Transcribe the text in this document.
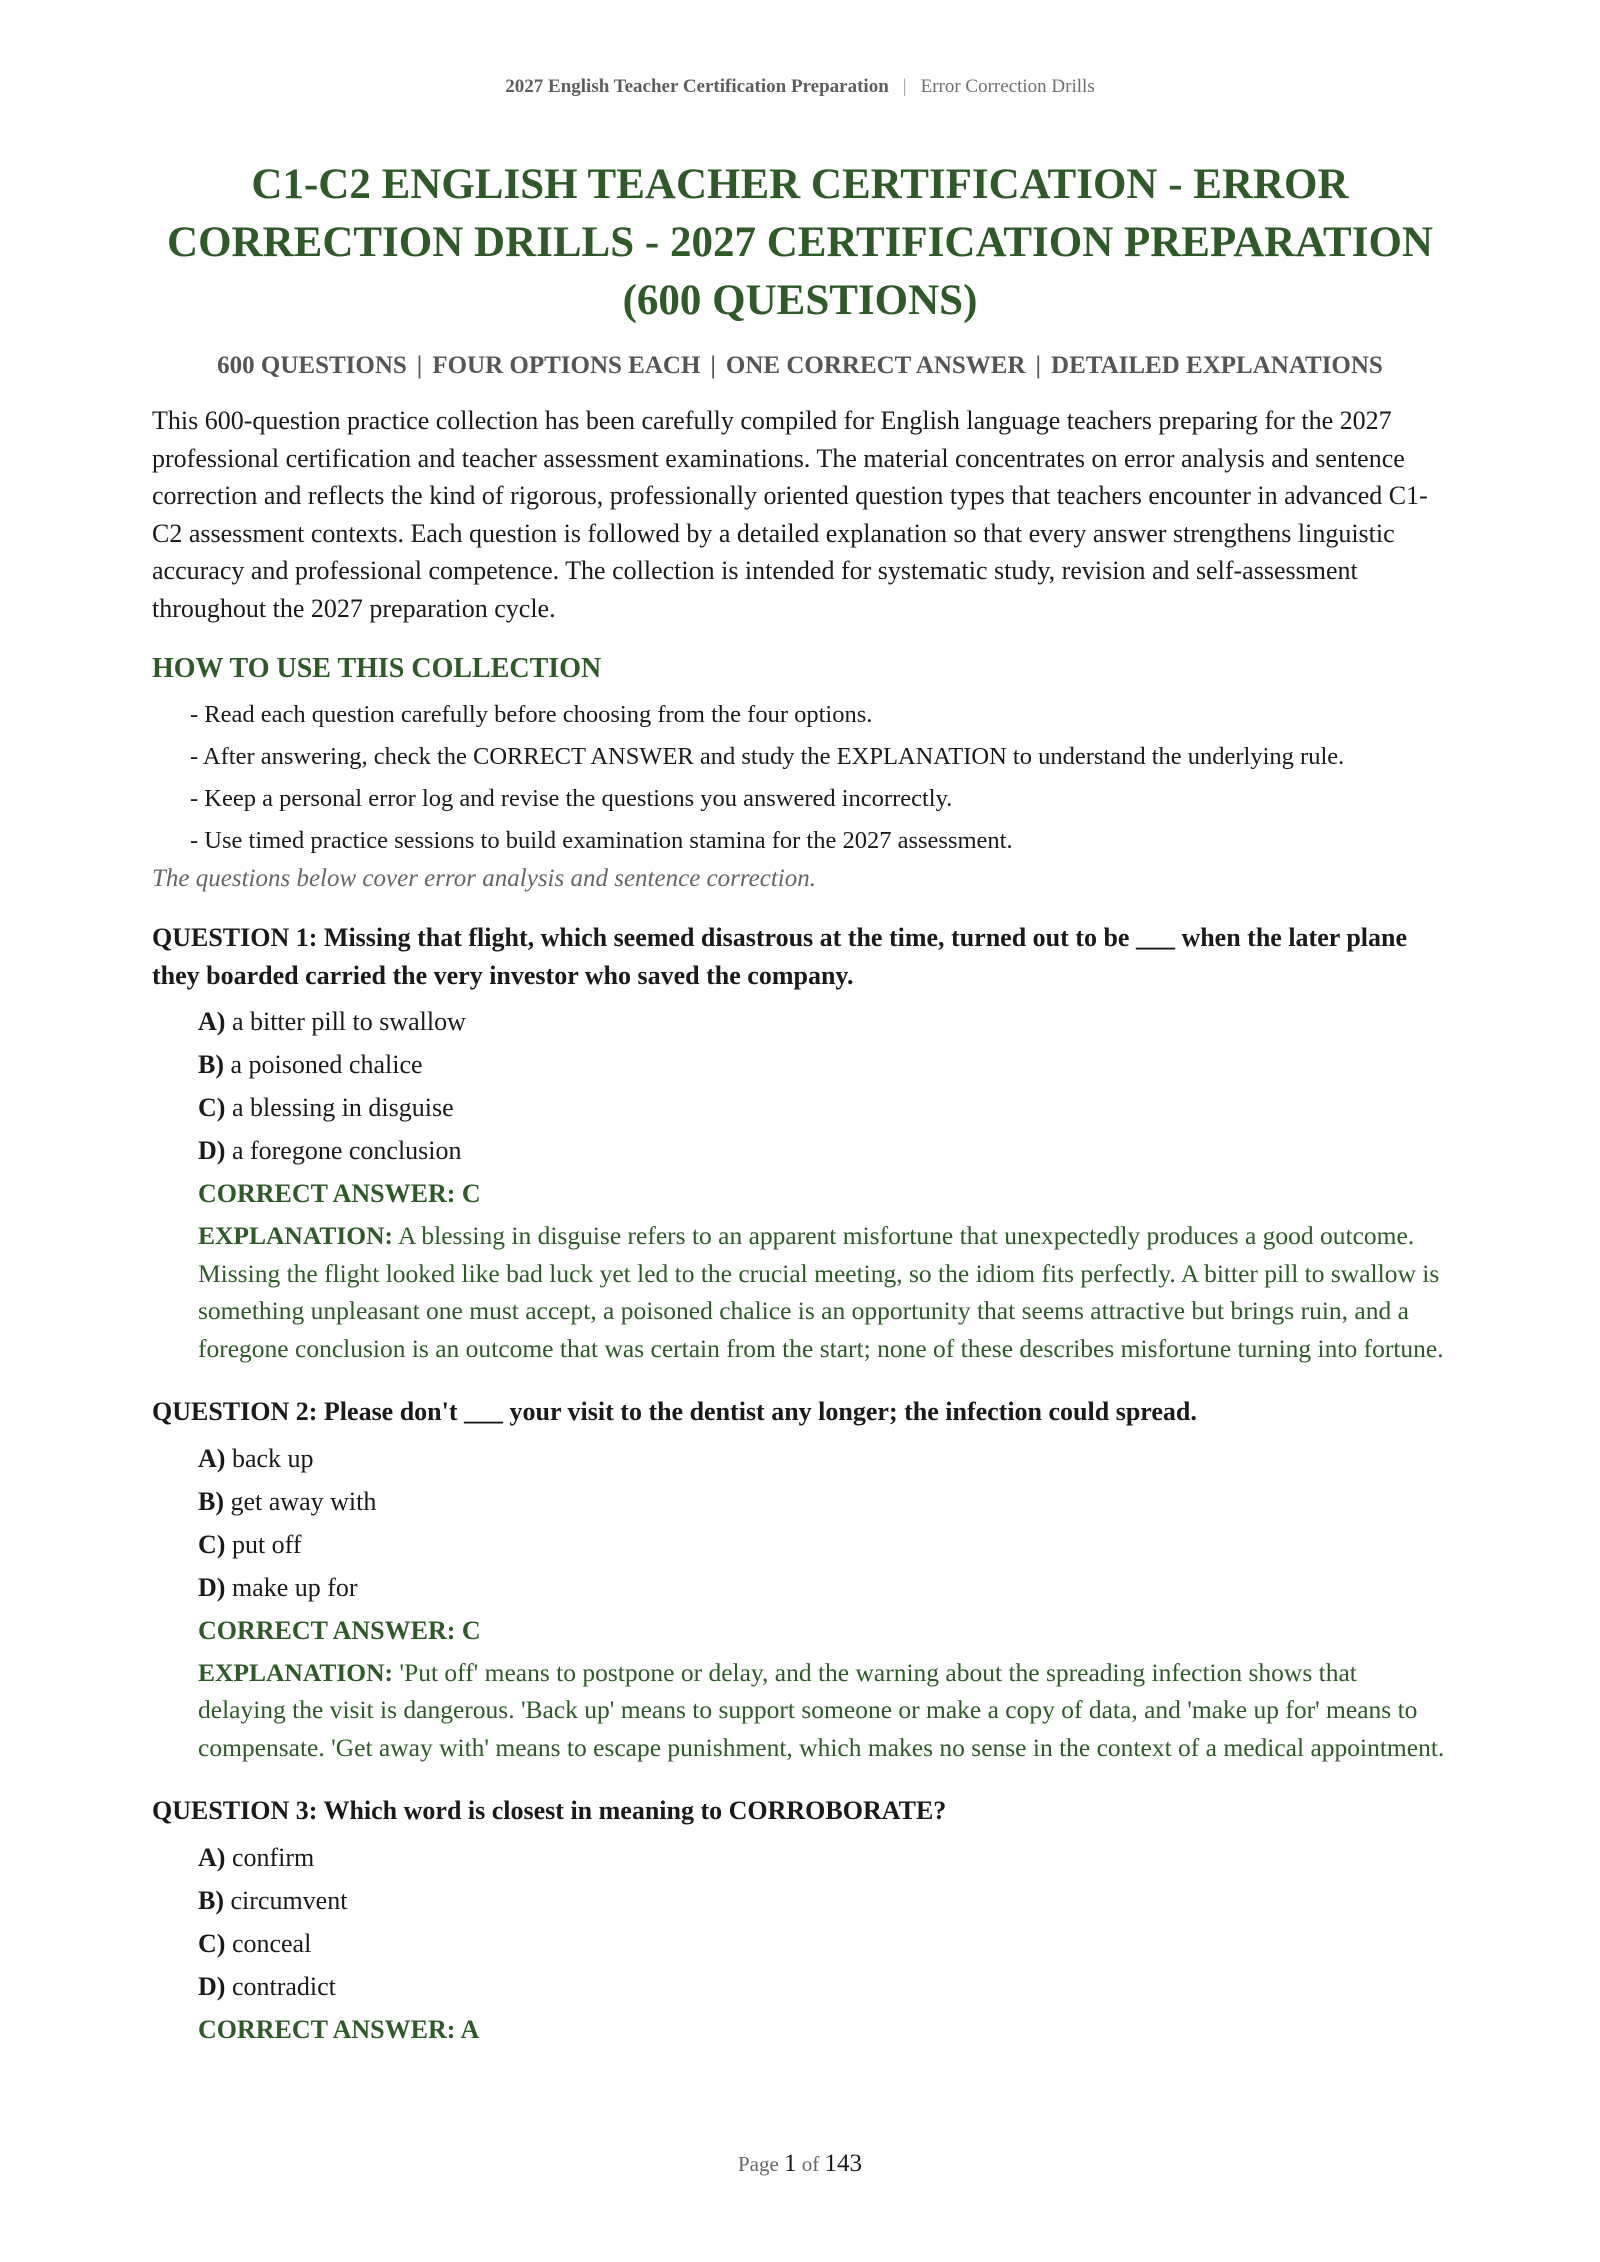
2027 English Teacher Certification Preparation | Error Correction Drills
C1-C2 ENGLISH TEACHER CERTIFICATION - ERROR CORRECTION DRILLS - 2027 CERTIFICATION PREPARATION (600 QUESTIONS)
600 QUESTIONS | FOUR OPTIONS EACH | ONE CORRECT ANSWER | DETAILED EXPLANATIONS

This 600-question practice collection has been carefully compiled for English language teachers preparing for the 2027 professional certification and teacher assessment examinations. The material concentrates on error analysis and sentence correction and reflects the kind of rigorous, professionally oriented question types that teachers encounter in advanced C1-C2 assessment contexts. Each question is followed by a detailed explanation so that every answer strengthens linguistic accuracy and professional competence. The collection is intended for systematic study, revision and self-assessment throughout the 2027 preparation cycle.

HOW TO USE THIS COLLECTION
- Read each question carefully before choosing from the four options.
- After answering, check the CORRECT ANSWER and study the EXPLANATION to understand the underlying rule.
- Keep a personal error log and revise the questions you answered incorrectly.
- Use timed practice sessions to build examination stamina for the 2027 assessment.
The questions below cover error analysis and sentence correction.
QUESTION 1: Missing that flight, which seemed disastrous at the time, turned out to be ___ when the later plane they boarded carried the very investor who saved the company.
A) a bitter pill to swallow
B) a poisoned chalice
C) a blessing in disguise
D) a foregone conclusion
CORRECT ANSWER: C
EXPLANATION: A blessing in disguise refers to an apparent misfortune that unexpectedly produces a good outcome. Missing the flight looked like bad luck yet led to the crucial meeting, so the idiom fits perfectly. A bitter pill to swallow is something unpleasant one must accept, a poisoned chalice is an opportunity that seems attractive but brings ruin, and a foregone conclusion is an outcome that was certain from the start; none of these describes misfortune turning into fortune.
QUESTION 2: Please don't ___ your visit to the dentist any longer; the infection could spread.
A) back up
B) get away with
C) put off
D) make up for
CORRECT ANSWER: C
EXPLANATION: 'Put off' means to postpone or delay, and the warning about the spreading infection shows that delaying the visit is dangerous. 'Back up' means to support someone or make a copy of data, and 'make up for' means to compensate. 'Get away with' means to escape punishment, which makes no sense in the context of a medical appointment.
QUESTION 3: Which word is closest in meaning to CORROBORATE?
A) confirm
B) circumvent
C) conceal
D) contradict
CORRECT ANSWER: A
Page 1 of 143
